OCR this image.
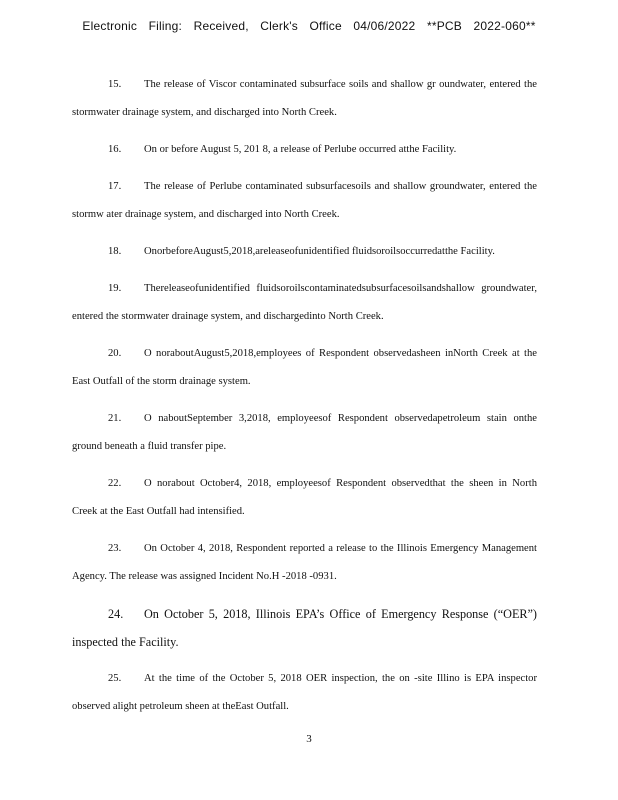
Electronic Filing: Received, Clerk's Office 04/06/2022 **PCB 2022-060**

15. The release of Viscor contaminated subsurface soils and shallow gr oundwater, entered the stormwater drainage system, and discharged into North Creek.

16. On or before August 5, 201 8, a release of Perlube occurred atthe Facility.

17. The release of Perlube contaminated subsurfacesoils and shallow groundwater, entered the stormw ater drainage system, and discharged into North Creek.

18. OnorbeforeAugust5,2018,areleaseofunidentified fluidsoroilsoccurredatthe Facility.

19. Thereleaseofunidentified fluidsoroilscontaminatedsubsurfacesoilsandshallow groundwater, entered the stormwater drainage system, and dischargedinto North Creek.

20. O noraboutAugust5,2018,employees of Respondent observedasheen inNorth Creek at the East Outfall of the storm drainage system.

21. O naboutSeptember 3,2018, employeesof Respondent observedapetroleum stain onthe ground beneath a fluid transfer pipe.

22. O norabout October4, 2018, employeesof Respondent observedthat the sheen in North Creek at the East Outfall had intensified.

23. On October 4, 2018, Respondent reported a release to the Illinois Emergency Management Agency. The release was assigned Incident No.H -2018 -0931.

24. On October 5, 2018, Illinois EPA’s Office of Emergency Response (“OER”) inspected the Facility.

25. At the time of the October 5, 2018 OER inspection, the on -site Illino is EPA inspector observed alight petroleum sheen at theEast Outfall.

3
